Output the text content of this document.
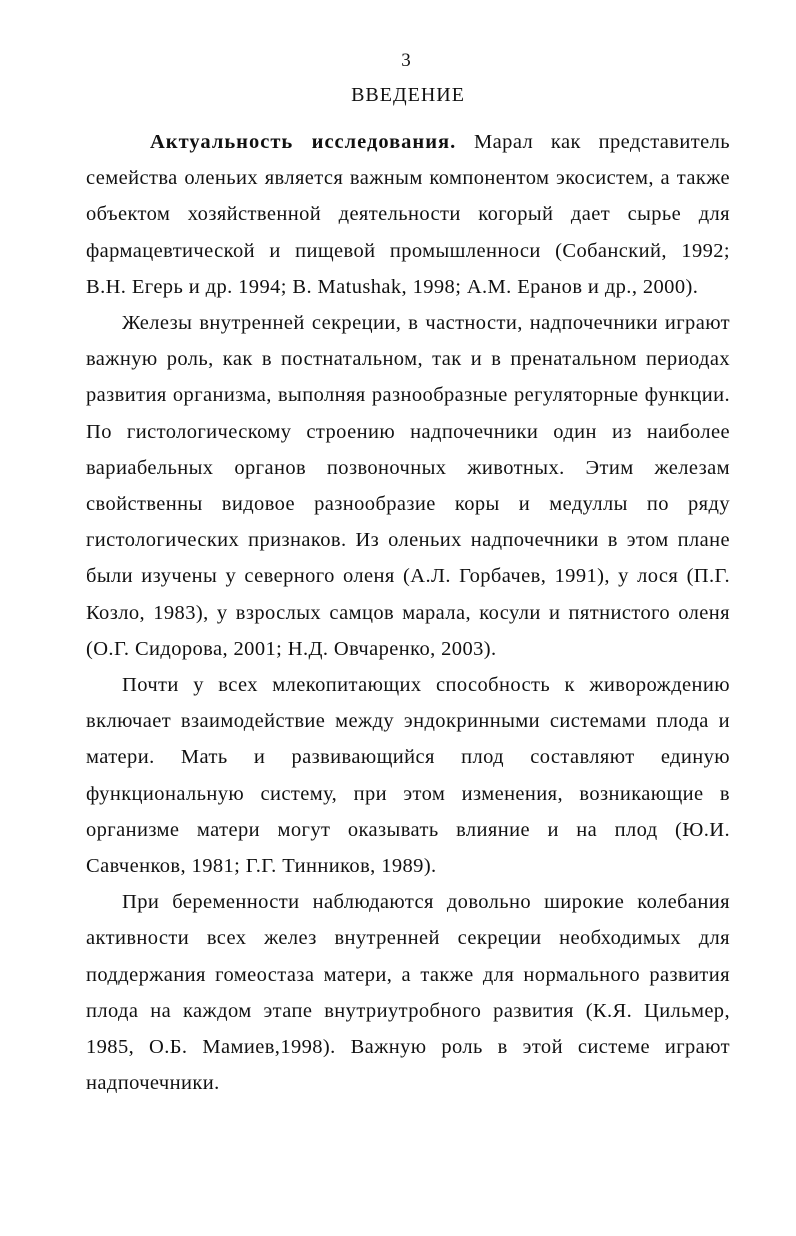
3
ВВЕДЕНИЕ

Актуальность исследования. Марал как представитель семейства оленьих является важным компонентом экосистем, а также объектом хозяйственной деятельности когорый дает сырье для фармацевтической и пищевой промышленноси (Собанский, 1992; В.Н. Егерь и др. 1994; B. Matushak, 1998; А.М. Еранов и др., 2000).

Железы внутренней секреции, в частности, надпочечники играют важную роль, как в постнатальном, так и в пренатальном периодах развития организма, выполняя разнообразные регуляторные функции. По гистологическому строению надпочечники один из наиболее вариабельных органов позвоночных животных. Этим железам свойственны видовое разнообразие коры и медуллы по ряду гистологических признаков. Из оленьих надпочечники в этом плане были изучены у северного оленя (А.Л. Горбачев, 1991), у лося (П.Г. Козло, 1983), у взрослых самцов марала, косули и пятнистого оленя (О.Г. Сидорова, 2001; Н.Д. Овчаренко, 2003).

Почти у всех млекопитающих способность к живорождению включает взаимодействие между эндокринными системами плода и матери. Мать и развивающийся плод составляют единую функциональную систему, при этом изменения, возникающие в организме матери могут оказывать влияние и на плод (Ю.И. Савченков, 1981; Г.Г. Тинников, 1989).

При беременности наблюдаются довольно широкие колебания активности всех желез внутренней секреции необходимых для поддержания гомеостаза матери, а также для нормального развития плода на каждом этапе внутриутробного развития (К.Я. Цильмер, 1985, О.Б. Мамиев,1998). Важную роль в этой системе играют надпочечники.
